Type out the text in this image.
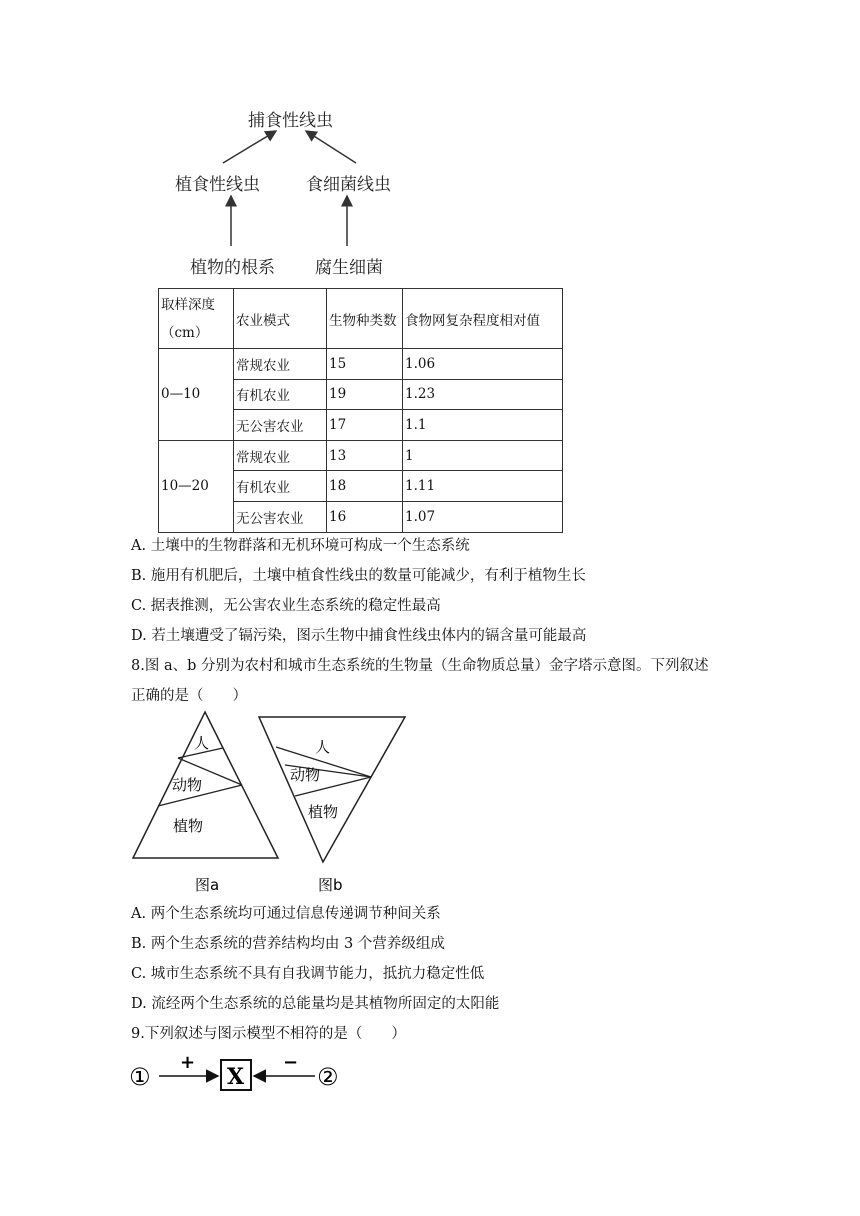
捕食性线虫
植食性线虫	食细菌线虫
植物的根系 腐生细菌
取样深度（cm）	农业模式	生物种类数	食物网复杂程度相对值
0—10	常规农业	15	1.06
	有机农业	19	1.23
	无公害农业	17	1.1
10—20	常规农业	13	1
	有机农业	18	1.11
	无公害农业	16	1.07
A. 土壤中的生物群落和无机环境可构成一个生态系统
B. 施用有机肥后，土壤中植食性线虫的数量可能减少，有利于植物生长
C. 据表推测，无公害农业生态系统的稳定性最高
D. 若土壤遭受了镉污染，图示生物中捕食性线虫体内的镉含量可能最高
8.图 a、b 分别为农村和城市生态系统的生物量（生命物质总量）金字塔示意图。下列叙述
正确的是（　　）
人
动物
植物
图a
人
动物
植物
图b
A. 两个生态系统均可通过信息传递调节种间关系
B. 两个生态系统的营养结构均由 3 个营养级组成
C. 城市生态系统不具有自我调节能力，抵抗力稳定性低
D. 流经两个生态系统的总能量均是其植物所固定的太阳能
9.下列叙述与图示模型不相符的是（　　）
①
+
X
−
②
